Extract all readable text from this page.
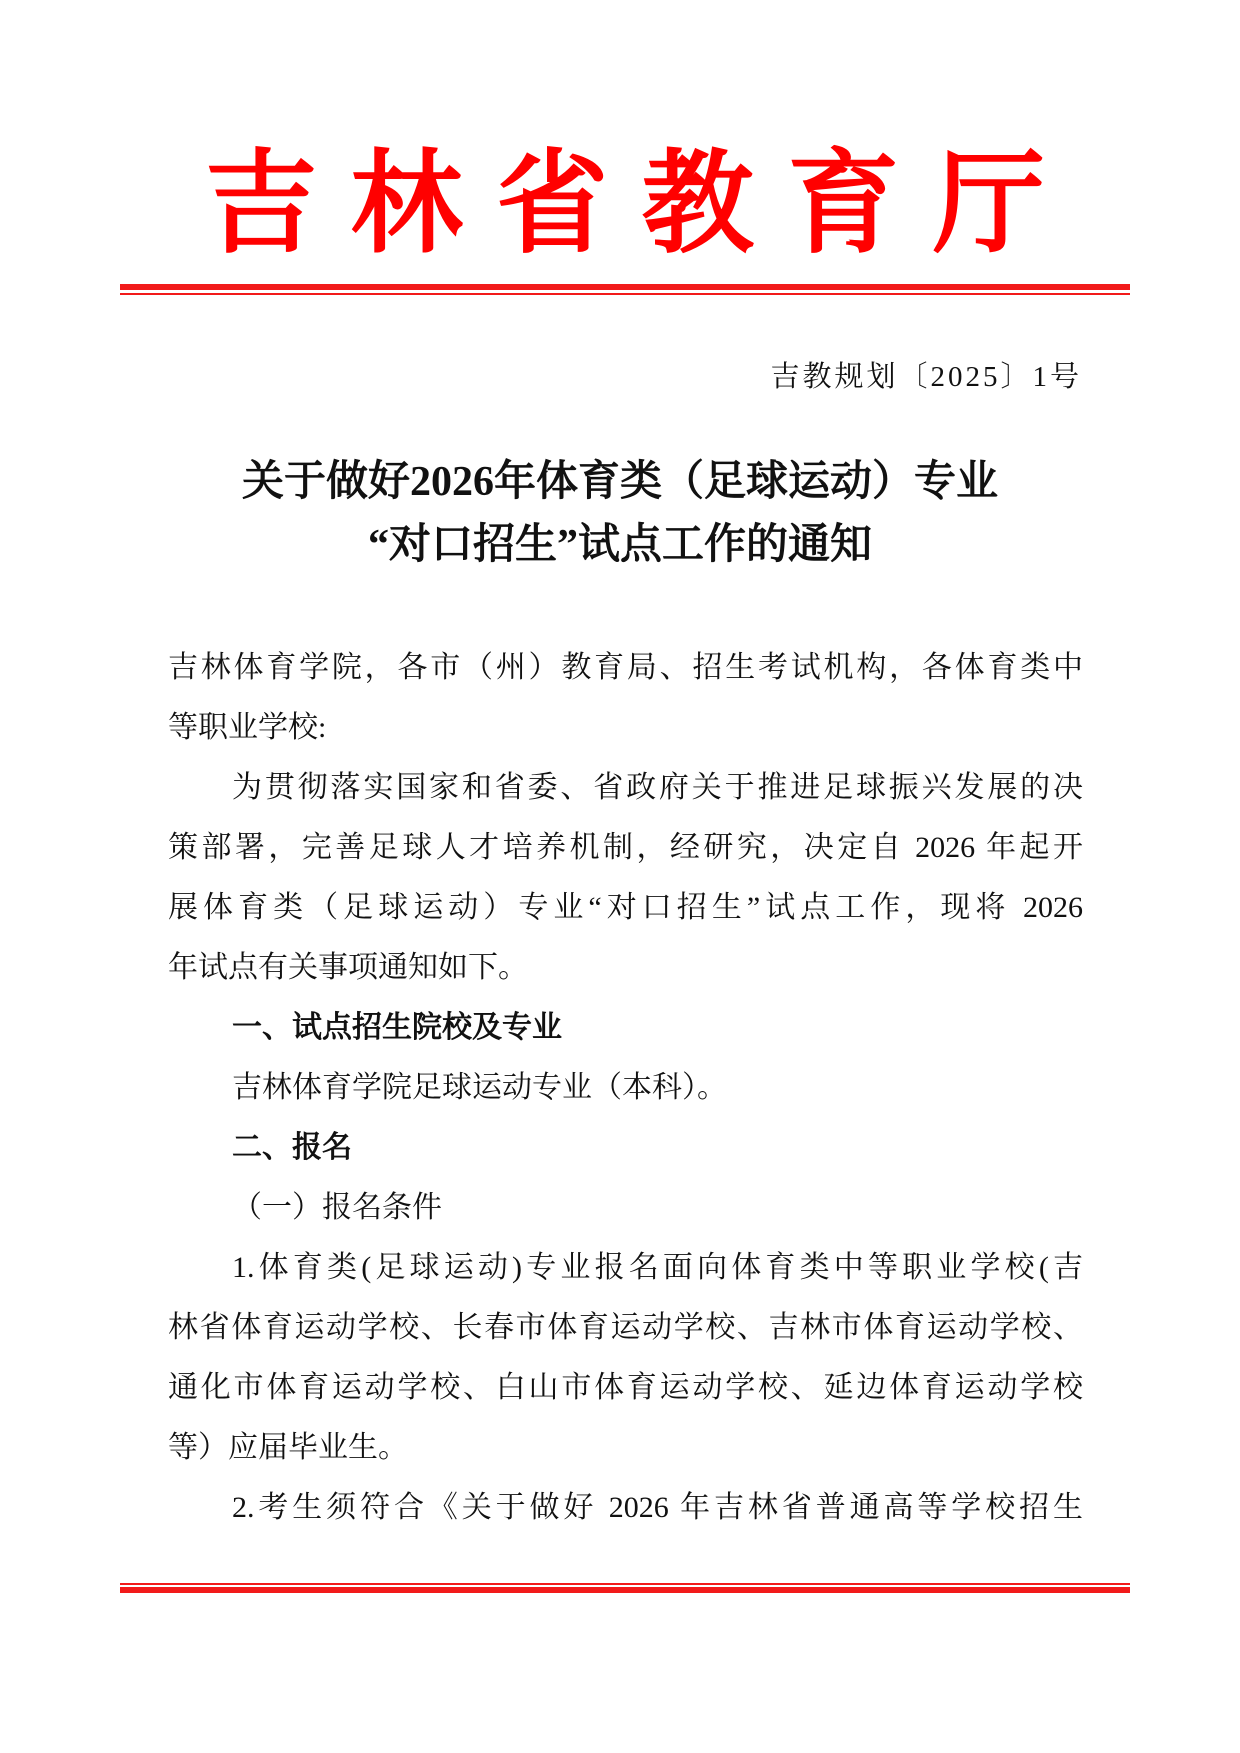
吉 林 省 教 育 厅
吉教规划〔2025〕1号
关于做好2026年体育类（足球运动）专业
“对口招生”试点工作的通知
吉林体育学院，各市（州）教育局、招生考试机构，各体育类中
等职业学校:
为贯彻落实国家和省委、省政府关于推进足球振兴发展的决
策部署，完善足球人才培养机制，经研究，决定自 2026 年起开
展体育类（足球运动）专业“对口招生”试点工作，现将 2026
年试点有关事项通知如下。
一、试点招生院校及专业
吉林体育学院足球运动专业（本科）。
二、报名
（一）报名条件
1.体育类(足球运动)专业报名面向体育类中等职业学校(吉
林省体育运动学校、长春市体育运动学校、吉林市体育运动学校、
通化市体育运动学校、白山市体育运动学校、延边体育运动学校
等）应届毕业生。
2.考生须符合《关于做好 2026 年吉林省普通高等学校招生
